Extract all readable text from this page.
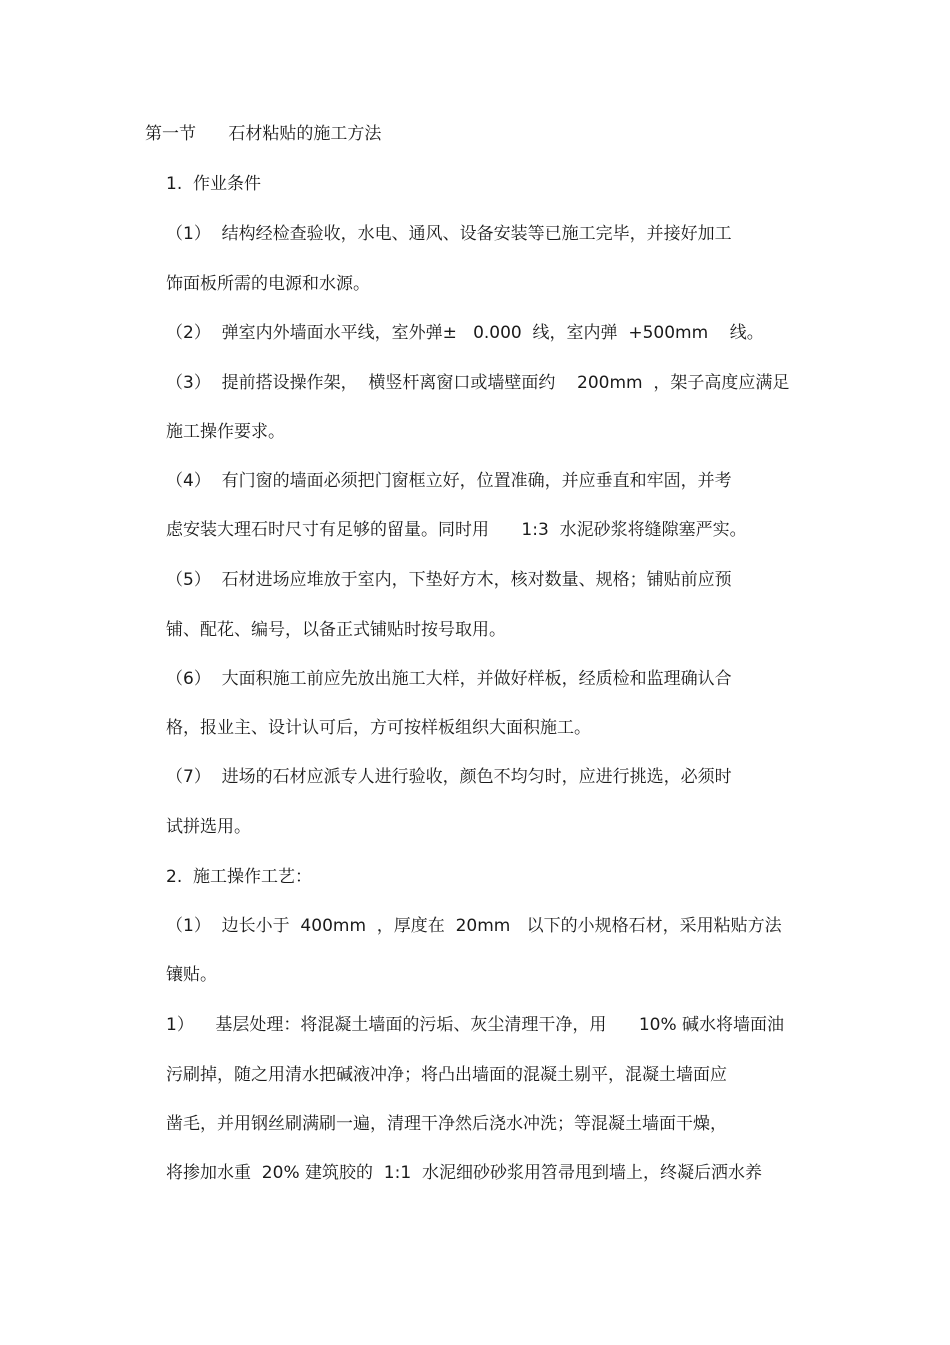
第一节      石材粘贴的施工方法

1.  作业条件

（1）  结构经检查验收，水电、通风、设备安装等已施工完毕，并接好加工

饰面板所需的电源和水源。

（2）  弹室内外墙面水平线，室外弹±   0.000  线，室内弹  +500mm    线。

（3）  提前搭设操作架，  横竖杆离窗口或墙壁面约    200mm  ，架子高度应满足

施工操作要求。

（4）  有门窗的墙面必须把门窗框立好，位置准确，并应垂直和牢固，并考

虑安装大理石时尺寸有足够的留量。同时用      1:3  水泥砂浆将缝隙塞严实。

（5）  石材进场应堆放于室内，下垫好方木，核对数量、规格；铺贴前应预

铺、配花、编号，以备正式铺贴时按号取用。

（6）  大面积施工前应先放出施工大样，并做好样板，经质检和监理确认合

格，报业主、设计认可后，方可按样板组织大面积施工。

（7）  进场的石材应派专人进行验收，颜色不均匀时，应进行挑选，必须时

试拼选用。

2.  施工操作工艺：

（1）  边长小于  400mm  ，厚度在  20mm   以下的小规格石材，采用粘贴方法

镶贴。

1）    基层处理：将混凝土墙面的污垢、灰尘清理干净，用      10% 碱水将墙面油

污刷掉，随之用清水把碱液冲净；将凸出墙面的混凝土剔平，混凝土墙面应

凿毛，并用钢丝刷满刷一遍，清理干净然后浇水冲洗；等混凝土墙面干燥，

将掺加水重  20% 建筑胶的  1:1  水泥细砂砂浆用笤帚甩到墙上，终凝后洒水养
